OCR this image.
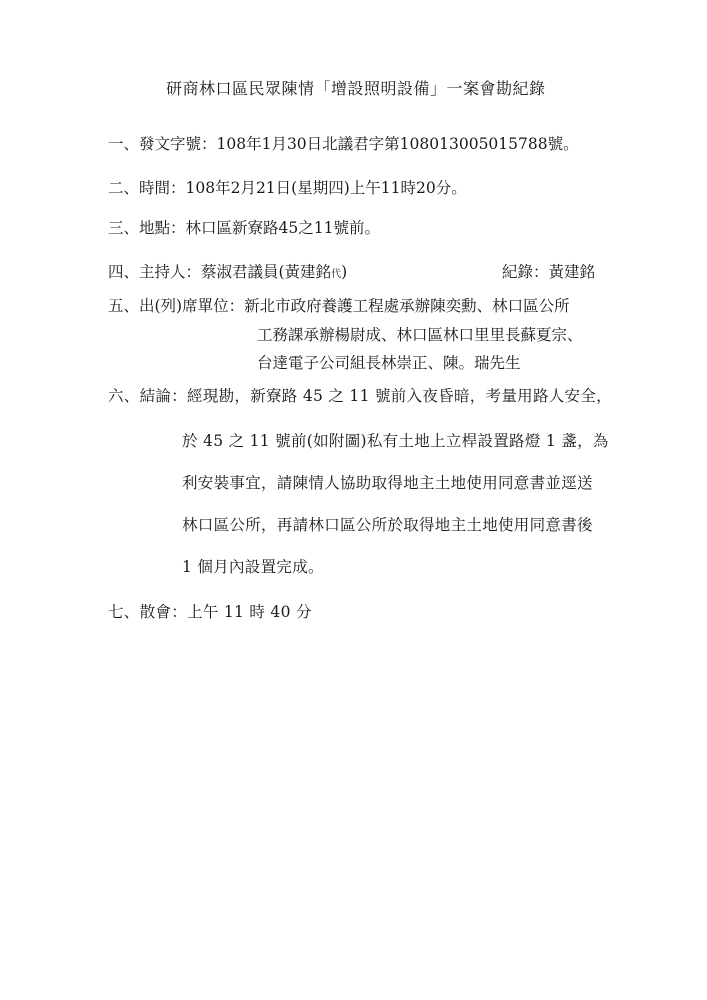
研商林口區民眾陳情「增設照明設備」一案會勘紀錄
一、發文字號：108年1月30日北議君字第108013005015788號。
二、時間：108年2月21日(星期四)上午11時20分。
三、地點：林口區新寮路45之11號前。
四、主持人：蔡淑君議員(黃建銘代)	紀錄：黃建銘
五、出(列)席單位：新北市政府養護工程處承辦陳奕勳、林口區公所
工務課承辦楊尉成、林口區林口里里長蘇夏宗、
台達電子公司組長林崇正、陳。瑞先生
六、結論：經現勘，新寮路 45 之 11 號前入夜昏暗，考量用路人安全，
於 45 之 11 號前(如附圖)私有土地上立桿設置路燈 1 盞，為
利安裝事宜，請陳情人協助取得地主土地使用同意書並逕送
林口區公所，再請林口區公所於取得地主土地使用同意書後
1 個月內設置完成。
七、散會：上午 11 時 40 分
